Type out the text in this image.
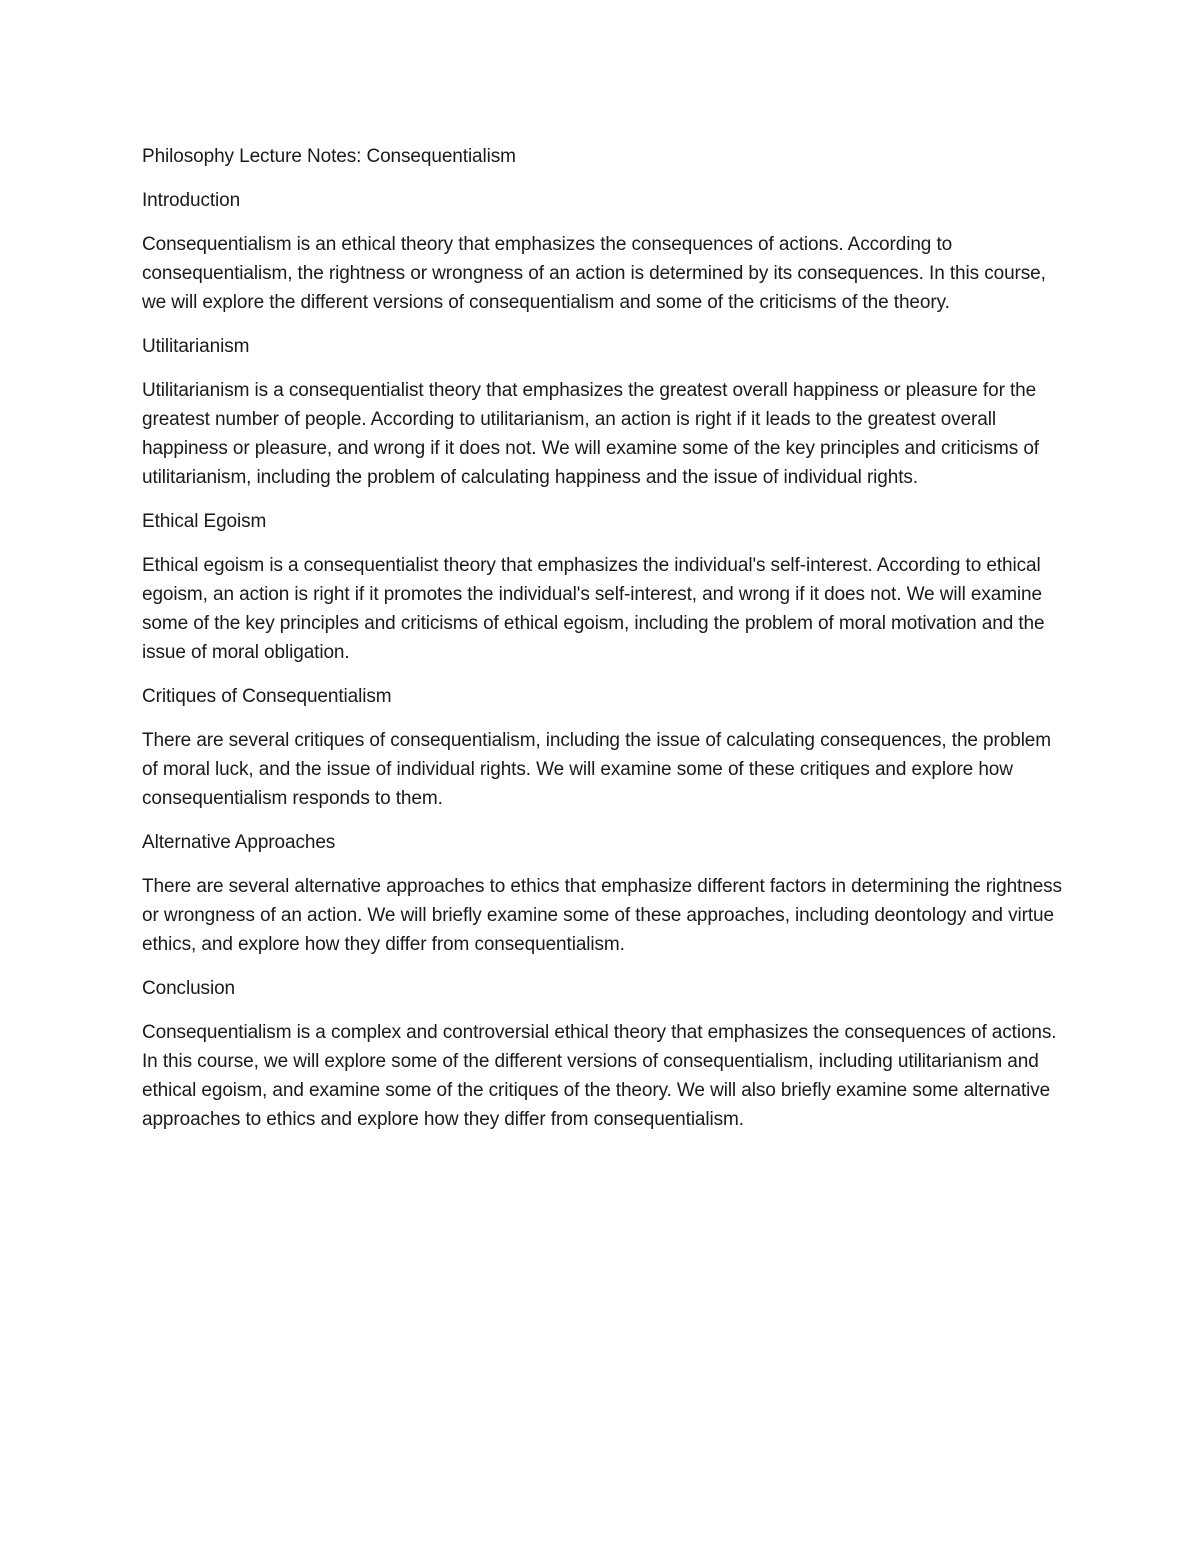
Philosophy Lecture Notes: Consequentialism

Introduction

Consequentialism is an ethical theory that emphasizes the consequences of actions. According to consequentialism, the rightness or wrongness of an action is determined by its consequences. In this course, we will explore the different versions of consequentialism and some of the criticisms of the theory.

Utilitarianism

Utilitarianism is a consequentialist theory that emphasizes the greatest overall happiness or pleasure for the greatest number of people. According to utilitarianism, an action is right if it leads to the greatest overall happiness or pleasure, and wrong if it does not. We will examine some of the key principles and criticisms of utilitarianism, including the problem of calculating happiness and the issue of individual rights.

Ethical Egoism

Ethical egoism is a consequentialist theory that emphasizes the individual's self-interest. According to ethical egoism, an action is right if it promotes the individual's self-interest, and wrong if it does not. We will examine some of the key principles and criticisms of ethical egoism, including the problem of moral motivation and the issue of moral obligation.

Critiques of Consequentialism

There are several critiques of consequentialism, including the issue of calculating consequences, the problem of moral luck, and the issue of individual rights. We will examine some of these critiques and explore how consequentialism responds to them.

Alternative Approaches

There are several alternative approaches to ethics that emphasize different factors in determining the rightness or wrongness of an action. We will briefly examine some of these approaches, including deontology and virtue ethics, and explore how they differ from consequentialism.

Conclusion

Consequentialism is a complex and controversial ethical theory that emphasizes the consequences of actions. In this course, we will explore some of the different versions of consequentialism, including utilitarianism and ethical egoism, and examine some of the critiques of the theory. We will also briefly examine some alternative approaches to ethics and explore how they differ from consequentialism.
